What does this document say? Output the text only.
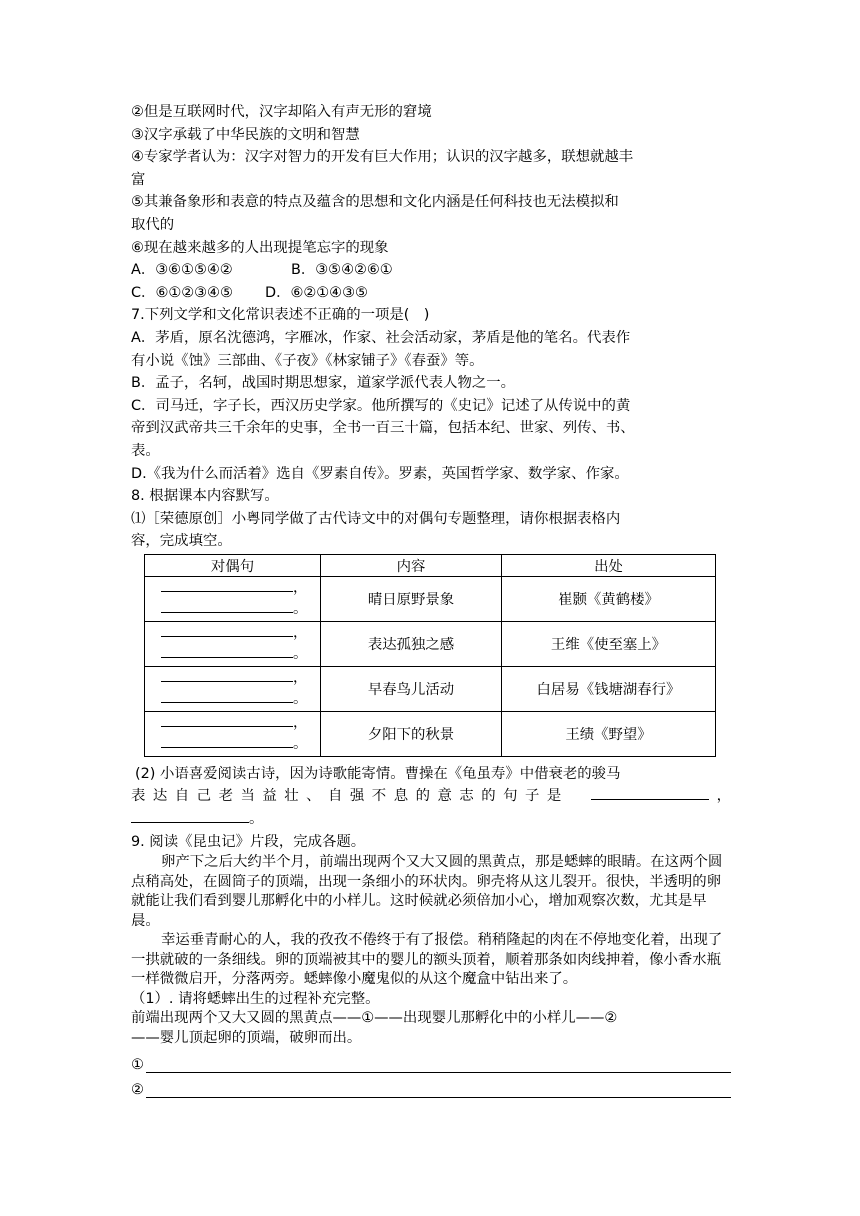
②但是互联网时代，汉字却陷入有声无形的窘境
③汉字承载了中华民族的文明和智慧
④专家学者认为：汉字对智力的开发有巨大作用；认识的汉字越多，联想就越丰
富
⑤其兼备象形和表意的特点及蕴含的思想和文化内涵是任何科技也无法模拟和
取代的
⑥现在越来越多的人出现提笔忘字的现象
A．③⑥①⑤④②	B．③⑤④②⑥①
C．⑥①②③④⑤	D．⑥②①④③⑤
7.下列文学和文化常识表述不正确的一项是(　)
A．茅盾，原名沈德鸿，字雁冰，作家、社会活动家，茅盾是他的笔名。代表作
有小说《蚀》三部曲、《子夜》《林家铺子》《春蚕》等。
B．孟子，名轲，战国时期思想家，道家学派代表人物之一。
C．司马迁，字子长，西汉历史学家。他所撰写的《史记》记述了从传说中的黄
帝到汉武帝共三千余年的史事，全书一百三十篇，包括本纪、世家、列传、书、
表。
D.《我为什么而活着》选自《罗素自传》。罗素，英国哲学家、数学家、作家。
8. 根据课本内容默写。
⑴［荣德原创］小粤同学做了古代诗文中的对偶句专题整理，请你根据表格内
容，完成填空。
对偶句	内容	出处
，
。	晴日原野景象	崔颢《黄鹤楼》
，
。	表达孤独之感	王维《使至塞上》
，
。	早春鸟儿活动	白居易《钱塘湖春行》
，
。	夕阳下的秋景	王绩《野望》
(2) 小语喜爱阅读古诗，因为诗歌能寄情。曹操在《龟虽寿》中借衰老的骏马
表达自己老当益壮、自强不息的意志的句子是	，
。
9. 阅读《昆虫记》片段，完成各题。
卵产下之后大约半个月，前端出现两个又大又圆的黑黄点，那是蟋蟀的眼睛。在这两个圆点稍高处，在圆筒子的顶端，出现一条细小的环状肉。卵壳将从这儿裂开。很快，半透明的卵就能让我们看到婴儿那孵化中的小样儿。这时候就必须倍加小心，增加观察次数，尤其是早晨。
幸运垂青耐心的人，我的孜孜不倦终于有了报偿。稍稍隆起的肉在不停地变化着，出现了一拱就破的一条细线。卵的顶端被其中的婴儿的额头顶着，顺着那条如肉线抻着，像小香水瓶一样微微启开，分落两旁。蟋蟀像小魔鬼似的从这个魔盒中钻出来了。
（1）. 请将蟋蟀出生的过程补充完整。
前端出现两个又大又圆的黑黄点——①——出现婴儿那孵化中的小样儿——②
——婴儿顶起卵的顶端，破卵而出。
①
②
